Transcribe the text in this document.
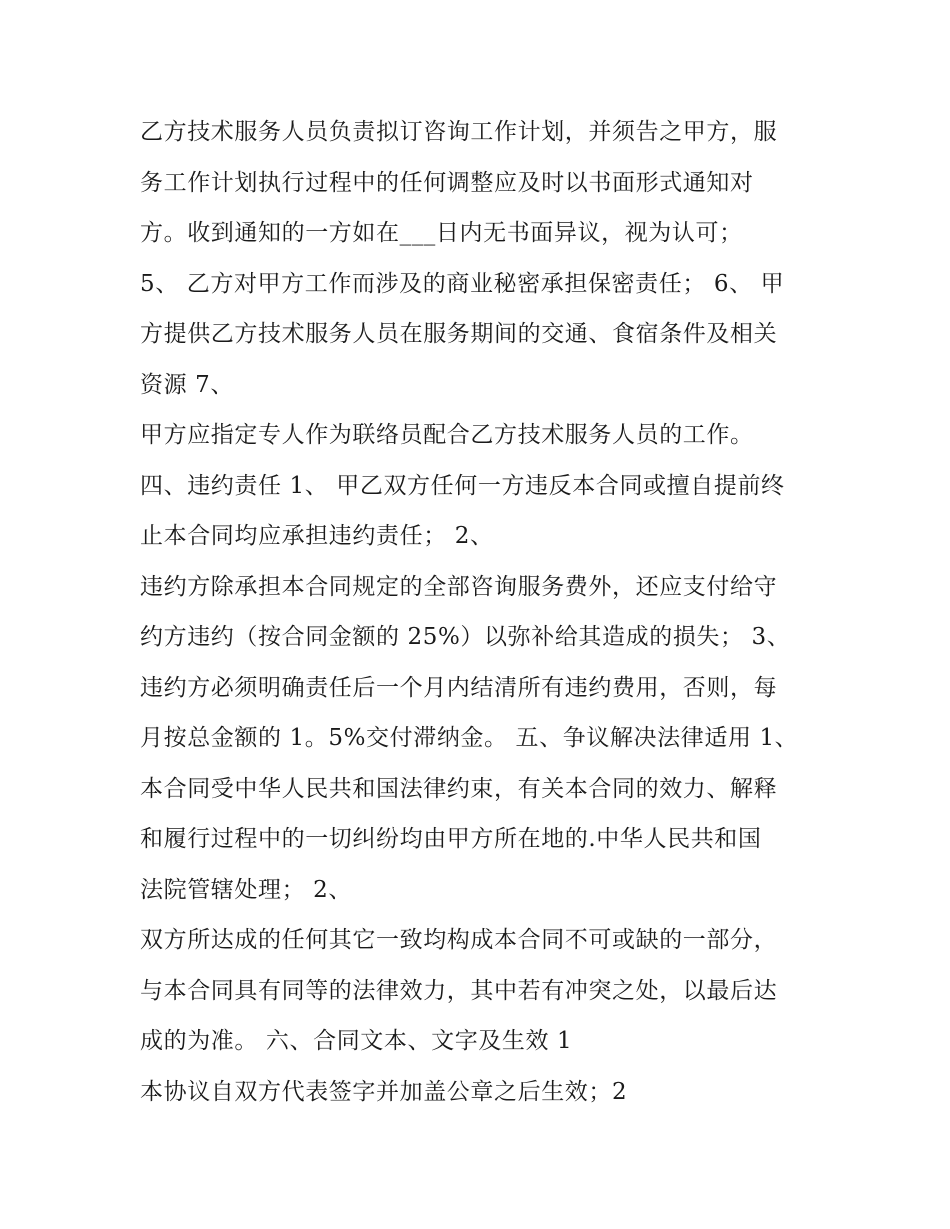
乙方技术服务人员负责拟订咨询工作计划，并须告之甲方，服
务工作计划执行过程中的任何调整应及时以书面形式通知对
方。收到通知的一方如在___日内无书面异议，视为认可；
5、 乙方对甲方工作而涉及的商业秘密承担保密责任； 6、 甲
方提供乙方技术服务人员在服务期间的交通、食宿条件及相关
资源 7、
甲方应指定专人作为联络员配合乙方技术服务人员的工作。
四、违约责任 1、 甲乙双方任何一方违反本合同或擅自提前终
止本合同均应承担违约责任； 2、
违约方除承担本合同规定的全部咨询服务费外，还应支付给守
约方违约（按合同金额的 25%）以弥补给其造成的损失； 3、
违约方必须明确责任后一个月内结清所有违约费用，否则，每
月按总金额的 1。5%交付滞纳金。 五、争议解决法律适用 1、
本合同受中华人民共和国法律约束，有关本合同的效力、解释
和履行过程中的一切纠纷均由甲方所在地的.中华人民共和国
法院管辖处理； 2、
双方所达成的任何其它一致均构成本合同不可或缺的一部分，
与本合同具有同等的法律效力，其中若有冲突之处，以最后达
成的为准。 六、合同文本、文字及生效 1
本协议自双方代表签字并加盖公章之后生效；2
